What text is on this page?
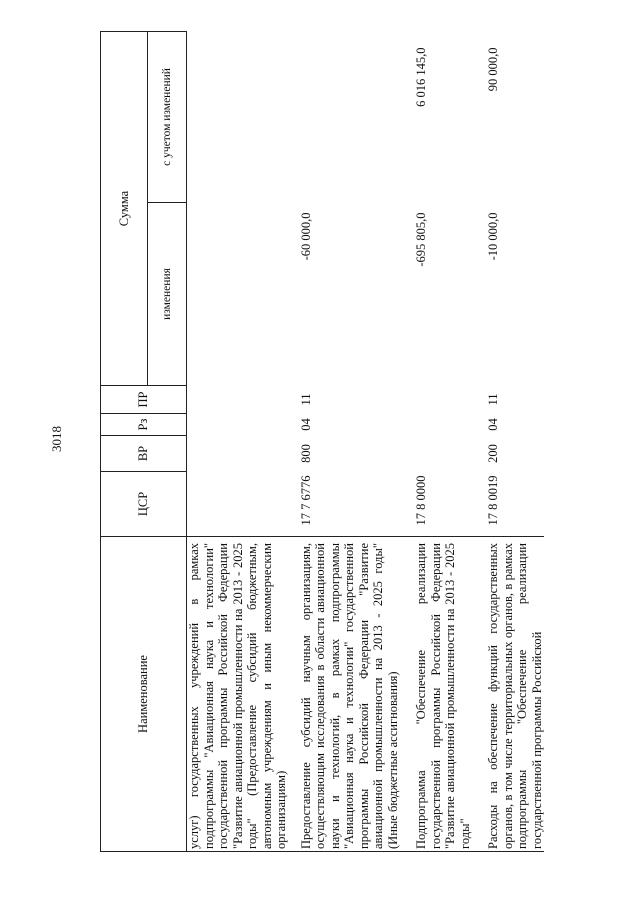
3018
Наименование	ЦСР	ВР	Рз	ПР	Сумма	
					изменения	с учетом изменений

услуг) государственных учреждений в рамках подпрограммы "Авиационная наука и технологии" государственной программы Российской Федерации "Развитие авиационной промышленности на 2013 - 2025 годы" (Предоставление субсидий бюджетным, автономным учреждениям и иным некоммерческим организациям)						

Предоставление субсидий научным организациям, осуществляющим исследования в области авиационной науки и технологий, в рамках подпрограммы "Авиационная наука и технологии" государственной программы Российской Федерации "Развитие авиационной промышленности на 2013 - 2025 годы" (Иные бюджетные ассигнования)	17 7 6776	800	04	11	-60 000,0	

Подпрограмма "Обеспечение реализации государственной программы Российской Федерации "Развитие авиационной промышленности на 2013 - 2025 годы"	17 8 0000				-695 805,0	6 016 145,0

Расходы на обеспечение функций государственных органов, в том числе территориальных органов, в рамках подпрограммы "Обеспечение реализации государственной программы Российской	17 8 0019	200	04	11	-10 000,0	90 000,0
